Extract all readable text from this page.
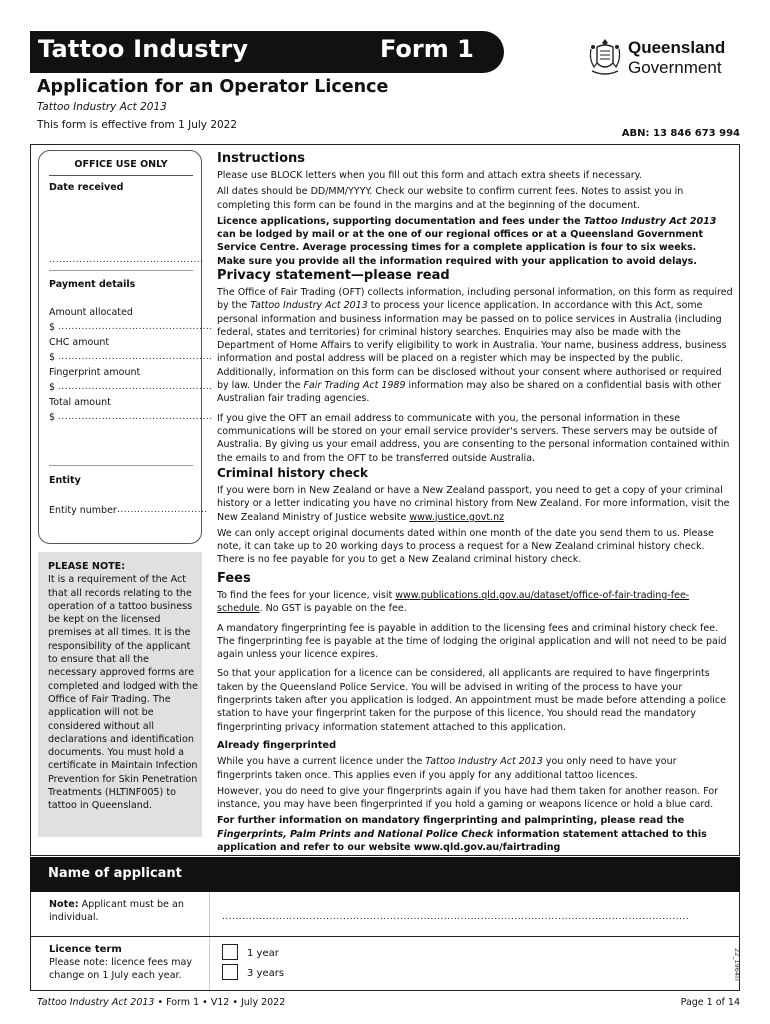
Tattoo Industry	Form 1	Queensland
Government
Application for an Operator Licence
Tattoo Industry Act 2013
This form is effective from 1 July 2022
ABN: 13 846 673 994
OFFICE USE ONLY
Date received
..............................................
Payment details
Amount allocated
$ ..............................................
CHC amount
$ ..............................................
Fingerprint amount
$ ..............................................
Total amount
$ ..............................................
Entity
Entity number ...........................
PLEASE NOTE:
It is a requirement of the Act that all records relating to the operation of a tattoo business be kept on the licensed premises at all times. It is the responsibility of the applicant to ensure that all the necessary approved forms are completed and lodged with the Office of Fair Trading. The application will not be considered without all declarations and identification documents. You must hold a certificate in Maintain Infection Prevention for Skin Penetration Treatments (HLTINF005) to tattoo in Queensland.
Instructions

Please use BLOCK letters when you fill out this form and attach extra sheets if necessary.

All dates should be DD/MM/YYYY. Check our website to confirm current fees. Notes to assist you in completing this form can be found in the margins and at the beginning of the document.

Licence applications, supporting documentation and fees under the Tattoo Industry Act 2013 can be lodged by mail or at the one of our regional offices or at a Queensland Government Service Centre. Average processing times for a complete application is four to six weeks.

Make sure you provide all the information required with your application to avoid delays.

Privacy statement—please read

The Office of Fair Trading (OFT) collects information, including personal information, on this form as required by the Tattoo Industry Act 2013 to process your licence application. In accordance with this Act, some personal information and business information may be passed on to police services in Australia (including federal, states and territories) for criminal history searches. Enquiries may also be made with the Department of Home Affairs to verify eligibility to work in Australia. Your name, business address, business information and postal address will be placed on a register which may be inspected by the public. Additionally, information on this form can be disclosed without your consent where authorised or required by law. Under the Fair Trading Act 1989 information may also be shared on a confidential basis with other Australian fair trading agencies.

If you give the OFT an email address to communicate with you, the personal information in these communications will be stored on your email service provider's servers. These servers may be outside of Australia. By giving us your email address, you are consenting to the personal information contained within the emails to and from the OFT to be transferred outside Australia.

Criminal history check

If you were born in New Zealand or have a New Zealand passport, you need to get a copy of your criminal history or a letter indicating you have no criminal history from New Zealand. For more information, visit the New Zealand Ministry of Justice website www.justice.govt.nz

We can only accept original documents dated within one month of the date you send them to us. Please note, it can take up to 20 working days to process a request for a New Zealand criminal history check. There is no fee payable for you to get a New Zealand criminal history check.

Fees

To find the fees for your licence, visit www.publications.qld.gov.au/dataset/office-of-fair-trading-fee-schedule. No GST is payable on the fee.

A mandatory fingerprinting fee is payable in addition to the licensing fees and criminal history check fee. The fingerprinting fee is payable at the time of lodging the original application and will not need to be paid again unless your licence expires.

So that your application for a licence can be considered, all applicants are required to have fingerprints taken by the Queensland Police Service. You will be advised in writing of the process to have your fingerprints taken after you application is lodged. An appointment must be made before attending a police station to have your fingerprint taken for the purpose of this licence. You should read the mandatory fingerprinting privacy information statement attached to this application.

Already fingerprinted

While you have a current licence under the Tattoo Industry Act 2013 you only need to have your fingerprints taken once. This applies even if you apply for any additional tattoo licences.

However, you do need to give your fingerprints again if you have had them taken for another reason. For instance, you may have been fingerprinted if you hold a gaming or weapons licence or hold a blue card.

For further information on mandatory fingerprinting and palmprinting, please read the Fingerprints, Palm Prints and National Police Check information statement attached to this application and refer to our website www.qld.gov.au/fairtrading

Name of applicant
Note: Applicant must be an individual.	...........................................................................................................................................
Licence term
Please note: licence fees may change on 1 July each year.
1 year
3 years	22_1964IT
Tattoo Industry Act 2013 • Form 1 • V12 • July 2022	Page 1 of 14
